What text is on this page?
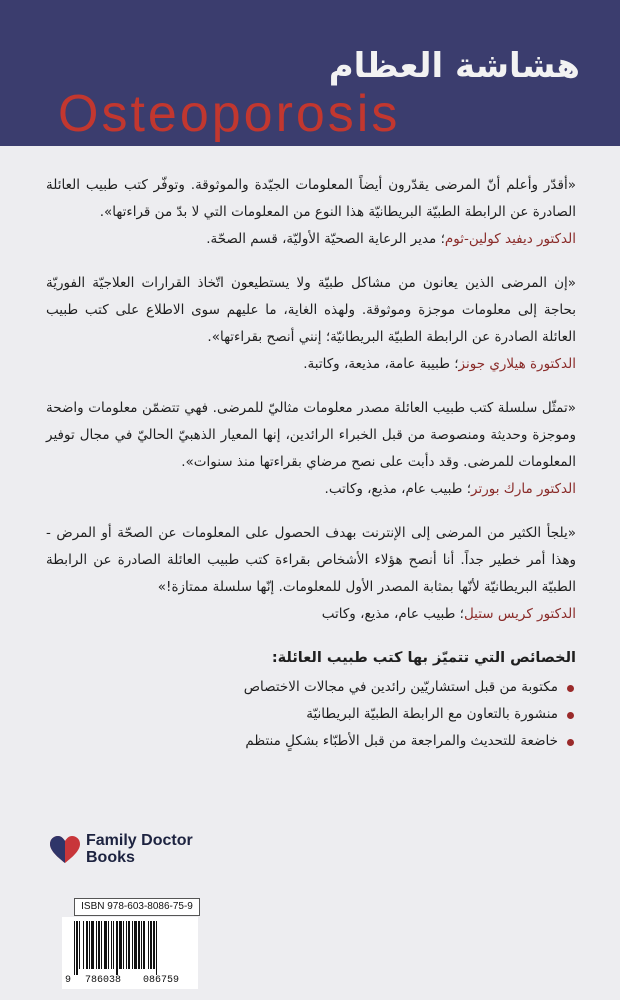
هشاشة العظام
Osteoporosis
«أقدّر وأعلم أنّ المرضى يقدّرون أيضاً المعلومات الجيّدة والموثوقة. وتوفّر كتب طبيب العائلة الصادرة عن الرابطة الطبيّة البريطانيّة هذا النوع من المعلومات التي لا بدّ من قراءتها».
الدكتور ديفيد كولين-ثوم؛ مدير الرعاية الصحيّة الأوليّة، قسم الصحّة.
«إن المرضى الذين يعانون من مشاكل طبيّة ولا يستطيعون اتّخاذ القرارات العلاجيّة الفوريّة بحاجة إلى معلومات موجزة وموثوقة. ولهذه الغاية، ما عليهم سوى الاطلاع على كتب طبيب العائلة الصادرة عن الرابطة الطبيّة البريطانيّة؛ إنني أنصح بقراءتها».
الدكتورة هيلاري جونز؛ طبيبة عامة، مذيعة، وكاتبة.
«تمثّل سلسلة كتب طبيب العائلة مصدر معلومات مثاليّ للمرضى. فهي تتضمّن معلومات واضحة وموجزة وحديثة ومنصوصة من قبل الخبراء الرائدين، إنها المعيار الذهبيّ الحاليّ في مجال توفير المعلومات للمرضى. وقد دأبت على نصح مرضاي بقراءتها منذ سنوات».
الدكتور مارك بورتر؛ طبيب عام، مذيع، وكاتب.
«يلجأ الكثير من المرضى إلى الإنترنت بهدف الحصول على المعلومات عن الصحّة أو المرض - وهذا أمر خطير جداً. أنا أنصح هؤلاء الأشخاص بقراءة كتب طبيب العائلة الصادرة عن الرابطة الطبيّة البريطانيّة لأنّها بمثابة المصدر الأول للمعلومات. إنّها سلسلة ممتازة!»
الدكتور كريس ستيل؛ طبيب عام، مذيع، وكاتب
الخصائص التي تتميّز بها كتب طبيب العائلة:
مكتوبة من قبل استشاريّين رائدين في مجالات الاختصاص
منشورة بالتعاون مع الرابطة الطبيّة البريطانيّة
خاضعة للتحديث والمراجعة من قبل الأطبّاء بشكلٍ منتظم
Family Doctor
Books
ISBN 978-603-8086-75-9
9	786038	086759
